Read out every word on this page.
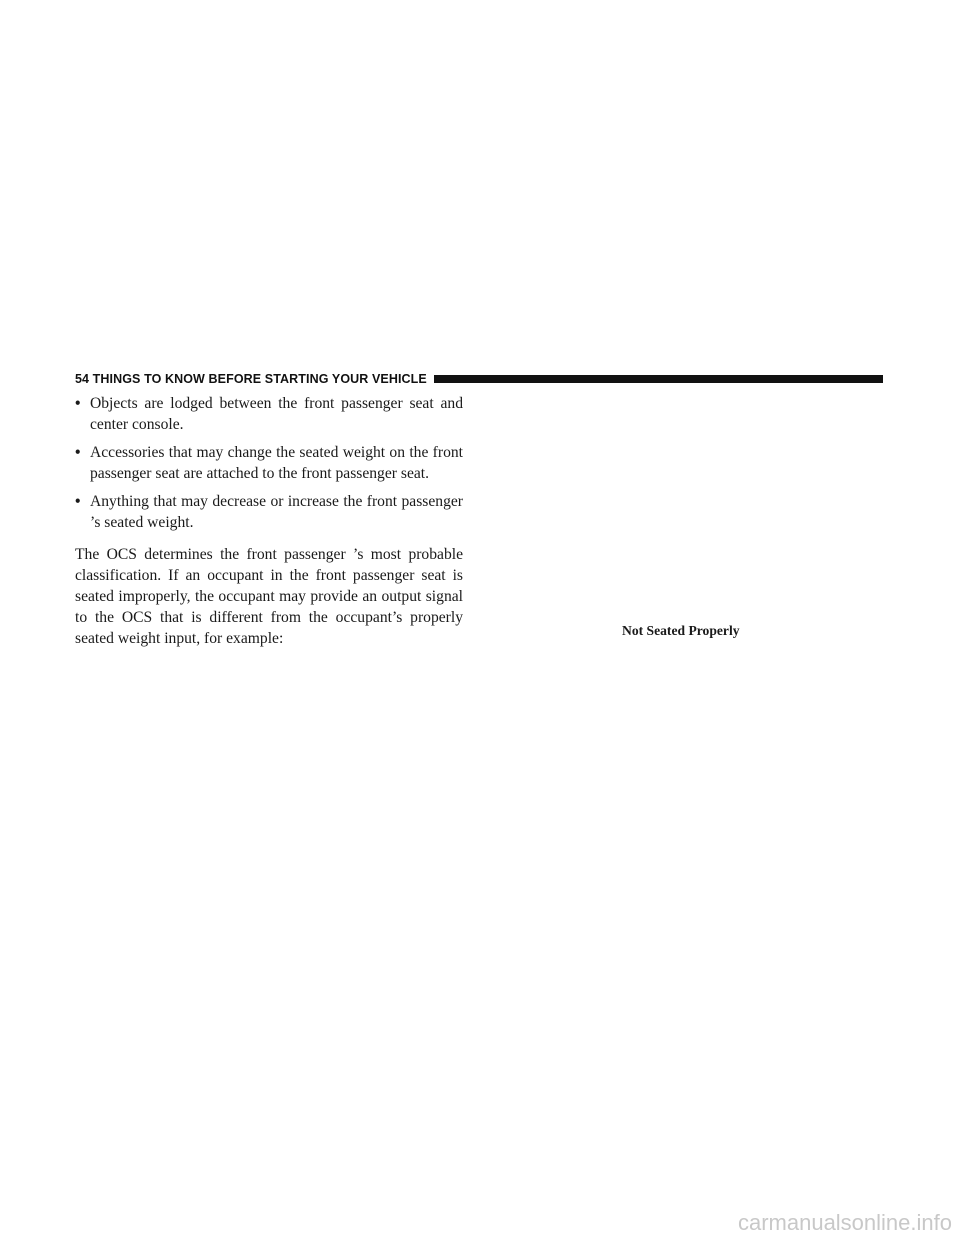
54 THINGS TO KNOW BEFORE STARTING YOUR VEHICLE
• Objects are lodged between the front passenger seat and center console.
• Accessories that may change the seated weight on the front passenger seat are attached to the front passenger seat.
• Anything that may decrease or increase the front passenger ’s seated weight.

The OCS determines the front passenger ’s most probable classification. If an occupant in the front passenger seat is seated improperly, the occupant may provide an output signal to the OCS that is different from the occupant’s properly seated weight input, for example:	Not Seated Properly
carmanualsonline.info
